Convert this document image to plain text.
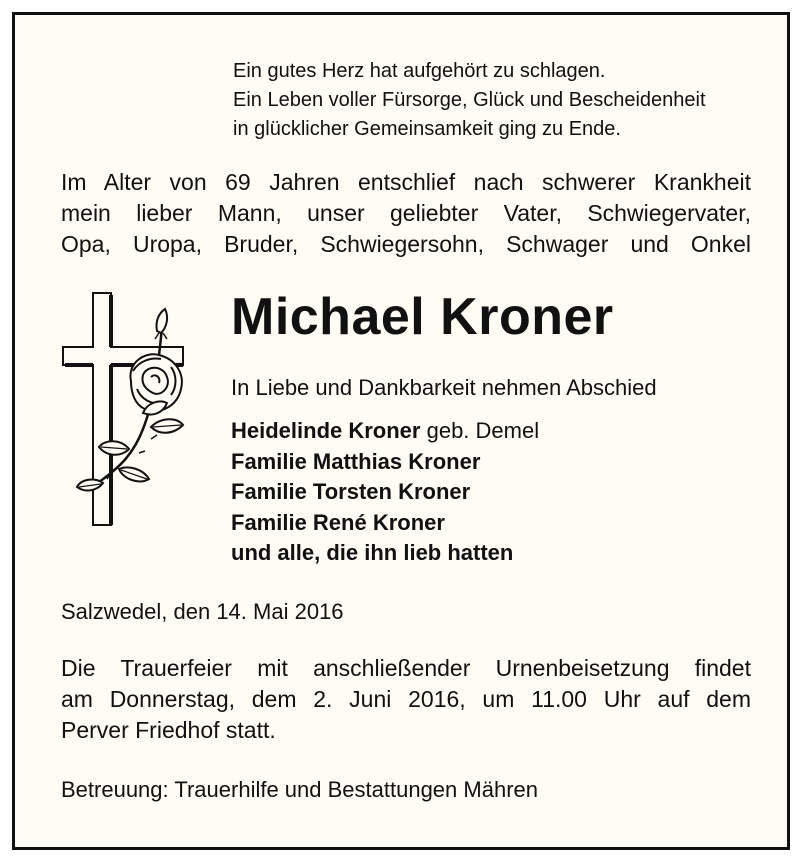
Ein gutes Herz hat aufgehört zu schlagen.
Ein Leben voller Fürsorge, Glück und Bescheidenheit
in glücklicher Gemeinsamkeit ging zu Ende.
Im Alter von 69 Jahren entschlief nach schwerer Krankheit
mein lieber Mann, unser geliebter Vater, Schwiegervater,
Opa, Uropa, Bruder, Schwiegersohn, Schwager und Onkel
Michael Kroner
In Liebe und Dankbarkeit nehmen Abschied
Heidelinde Kroner geb. Demel
Familie Matthias Kroner
Familie Torsten Kroner
Familie René Kroner
und alle, die ihn lieb hatten
Salzwedel, den 14. Mai 2016
Die Trauerfeier mit anschließender Urnenbeisetzung findet
am Donnerstag, dem 2. Juni 2016, um 11.00 Uhr auf dem
Perver Friedhof statt.
Betreuung: Trauerhilfe und Bestattungen Mähren
